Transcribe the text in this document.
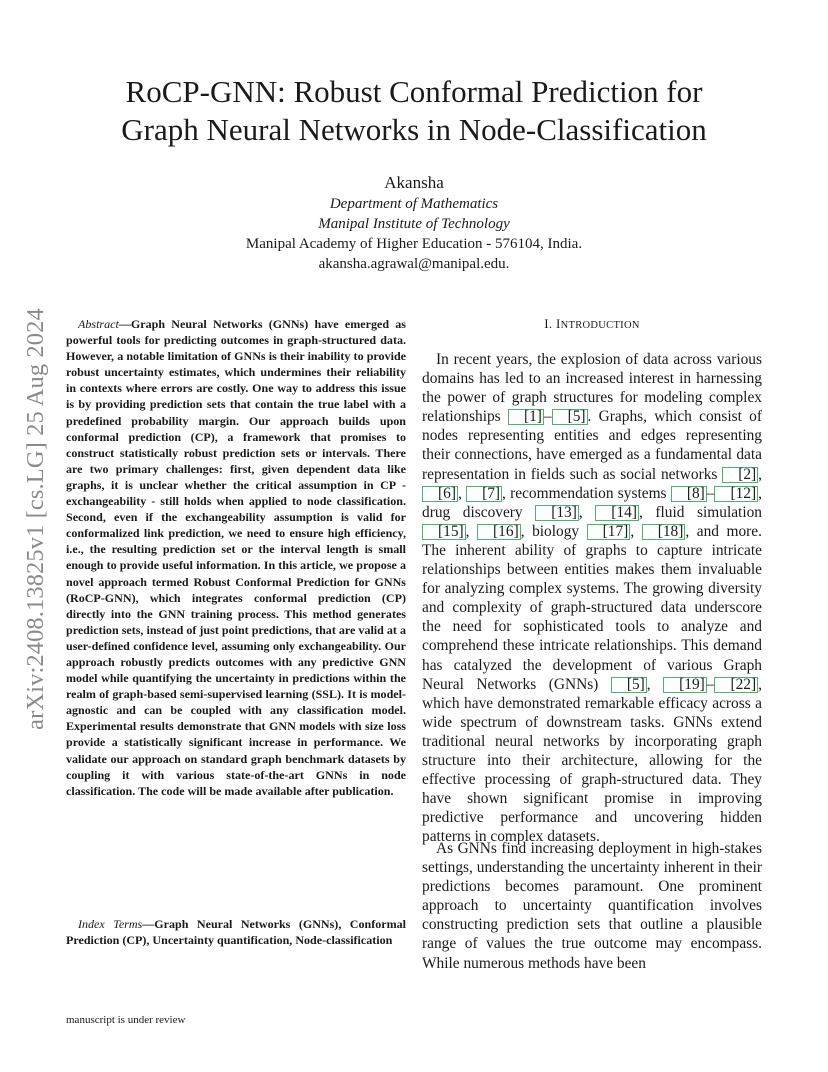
arXiv:2408.13825v1 [cs.LG] 25 Aug 2024
RoCP-GNN: Robust Conformal Prediction for
Graph Neural Networks in Node-Classification
Akansha
Department of Mathematics
Manipal Institute of Technology
Manipal Academy of Higher Education - 576104, India.
akansha.agrawal@manipal.edu.

Abstract—Graph Neural Networks (GNNs) have emerged as powerful tools for predicting outcomes in graph-structured data. However, a notable limitation of GNNs is their inability to provide robust uncertainty estimates, which undermines their reliability in contexts where errors are costly. One way to address this issue is by providing prediction sets that contain the true label with a predefined probability margin. Our approach builds upon conformal prediction (CP), a framework that promises to construct statistically robust prediction sets or intervals. There are two primary challenges: first, given dependent data like graphs, it is unclear whether the critical assumption in CP - exchangeability - still holds when applied to node classification. Second, even if the exchangeability assumption is valid for conformalized link prediction, we need to ensure high efficiency, i.e., the resulting prediction set or the interval length is small enough to provide useful information. In this article, we propose a novel approach termed Robust Conformal Prediction for GNNs (RoCP-GNN), which integrates conformal prediction (CP) directly into the GNN training process. This method generates prediction sets, instead of just point predictions, that are valid at a user-defined confidence level, assuming only exchangeability. Our approach robustly predicts outcomes with any predictive GNN model while quantifying the uncertainty in predictions within the realm of graph-based semi-supervised learning (SSL). It is model-agnostic and can be coupled with any classification model. Experimental results demonstrate that GNN models with size loss provide a statistically significant increase in performance. We validate our approach on standard graph benchmark datasets by coupling it with various state-of-the-art GNNs in node classification. The code will be made available after publication.

Index Terms—Graph Neural Networks (GNNs), Conformal Prediction (CP), Uncertainty quantification, Node-classification

manuscript is under review
I. INTRODUCTION

In recent years, the explosion of data across various domains has led to an increased interest in harnessing the power of graph structures for modeling complex relationships [1] – [5] . Graphs, which consist of nodes representing entities and edges representing their connections, have emerged as a fundamental data representation in fields such as social networks [2] , [6] , [7] , recommendation systems [8] – [12] , drug discovery [13] , [14] , fluid simulation [15] , [16] , biology [17] , [18] , and more. The inherent ability of graphs to capture intricate relationships between entities makes them invaluable for analyzing complex systems. The growing diversity and complexity of graph-structured data underscore the need for sophisticated tools to analyze and comprehend these intricate relationships. This demand has catalyzed the development of various Graph Neural Networks (GNNs) [5] , [19] – [22] , which have demonstrated remarkable efficacy across a wide spectrum of downstream tasks. GNNs extend traditional neural networks by incorporating graph structure into their architecture, allowing for the effective processing of graph-structured data. They have shown significant promise in improving predictive performance and uncovering hidden patterns in complex datasets.

As GNNs find increasing deployment in high-stakes settings, understanding the uncertainty inherent in their predictions becomes paramount. One prominent approach to uncertainty quantification involves constructing prediction sets that outline a plausible range of values the true outcome may encompass. While numerous methods have been
